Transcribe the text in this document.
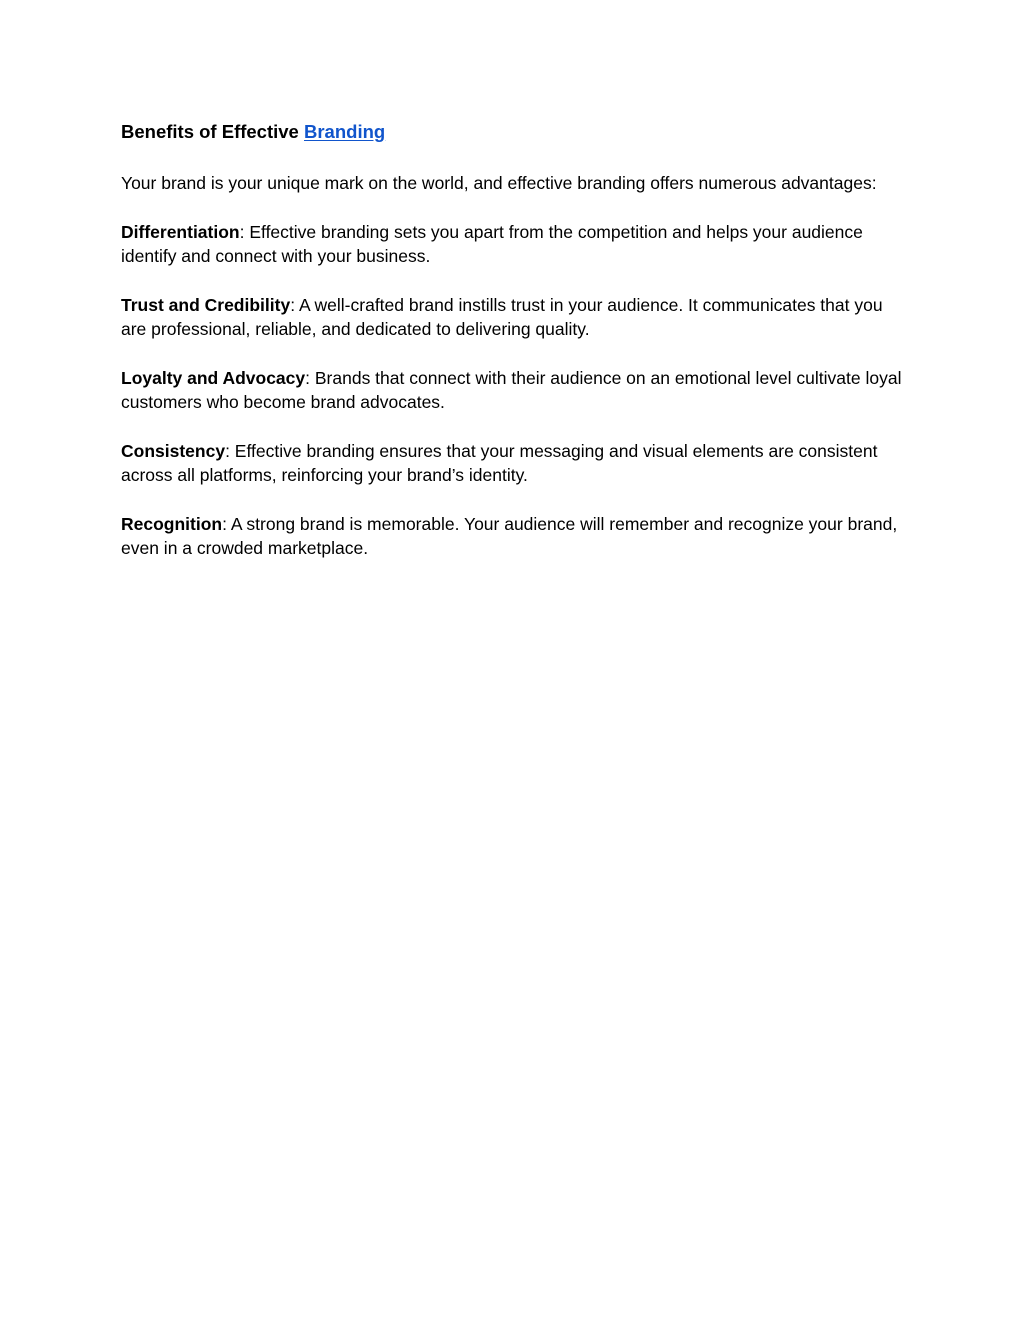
Benefits of Effective Branding

Your brand is your unique mark on the world, and effective branding offers numerous advantages:

Differentiation: Effective branding sets you apart from the competition and helps your audience identify and connect with your business.

Trust and Credibility: A well-crafted brand instills trust in your audience. It communicates that you are professional, reliable, and dedicated to delivering quality.

Loyalty and Advocacy: Brands that connect with their audience on an emotional level cultivate loyal customers who become brand advocates.

Consistency: Effective branding ensures that your messaging and visual elements are consistent across all platforms, reinforcing your brand’s identity.

Recognition: A strong brand is memorable. Your audience will remember and recognize your brand, even in a crowded marketplace.
